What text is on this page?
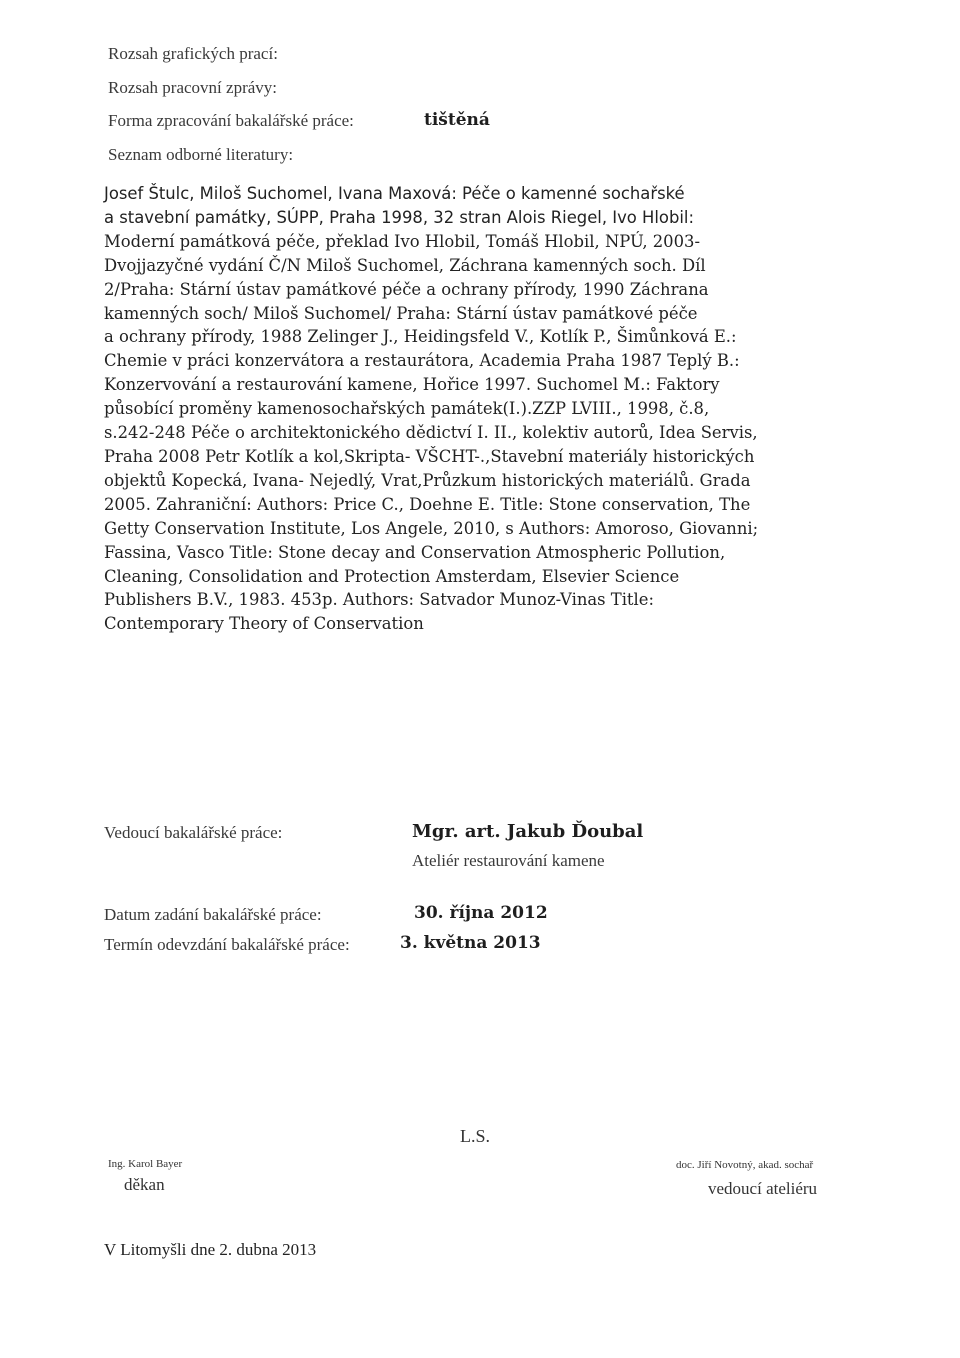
Rozsah grafických prací:
Rozsah pracovní zprávy:
Forma zpracování bakalářské práce:	tištěná
Seznam odborné literatury:
Josef Štulc, Miloš Suchomel, Ivana Maxová: Péče o kamenné sochařské
a stavební památky, SÚPP, Praha 1998, 32 stran Alois Riegel, Ivo Hlobil:
Moderní památková péče, překlad Ivo Hlobil, Tomáš Hlobil, NPÚ, 2003-
Dvojjazyčné vydání Č/N Miloš Suchomel, Záchrana kamenných soch. Díl
2/Praha: Stární ústav památkové péče a ochrany přírody, 1990 Záchrana
kamenných soch/ Miloš Suchomel/ Praha: Stární ústav památkové péče
a ochrany přírody, 1988 Zelinger J., Heidingsfeld V., Kotlík P., Šimůnková E.:
Chemie v práci konzervátora a restaurátora, Academia Praha 1987 Teplý B.:
Konzervování a restaurování kamene, Hořice 1997. Suchomel M.: Faktory
působící proměny kamenosochařských památek(I.).ZZP LVIII., 1998, č.8,
s.242-248 Péče o architektonického dědictví I. II., kolektiv autorů, Idea Servis,
Praha 2008 Petr Kotlík a kol,Skripta- VŠCHT-.,Stavební materiály historických
objektů Kopecká, Ivana- Nejedlý, Vrat,Průzkum historických materiálů. Grada
2005. Zahraniční: Authors: Price C., Doehne E. Title: Stone conservation, The
Getty Conservation Institute, Los Angele, 2010, s Authors: Amoroso, Giovanni;
Fassina, Vasco Title: Stone decay and Conservation Atmospheric Pollution,
Cleaning, Consolidation and Protection Amsterdam, Elsevier Science
Publishers B.V., 1983. 453p. Authors: Satvador Munoz-Vinas Title:
Contemporary Theory of Conservation
Vedoucí bakalářské práce:	Mgr. art. Jakub Ďoubal
Ateliér restaurování kamene
Datum zadání bakalářské práce:	30. října 2012
Termín odevzdání bakalářské práce:	3. května 2013
L.S.
Ing. Karol Bayer
děkan
doc. Jiří Novotný, akad. sochař
vedoucí ateliéru
V Litomyšli dne 2. dubna 2013
